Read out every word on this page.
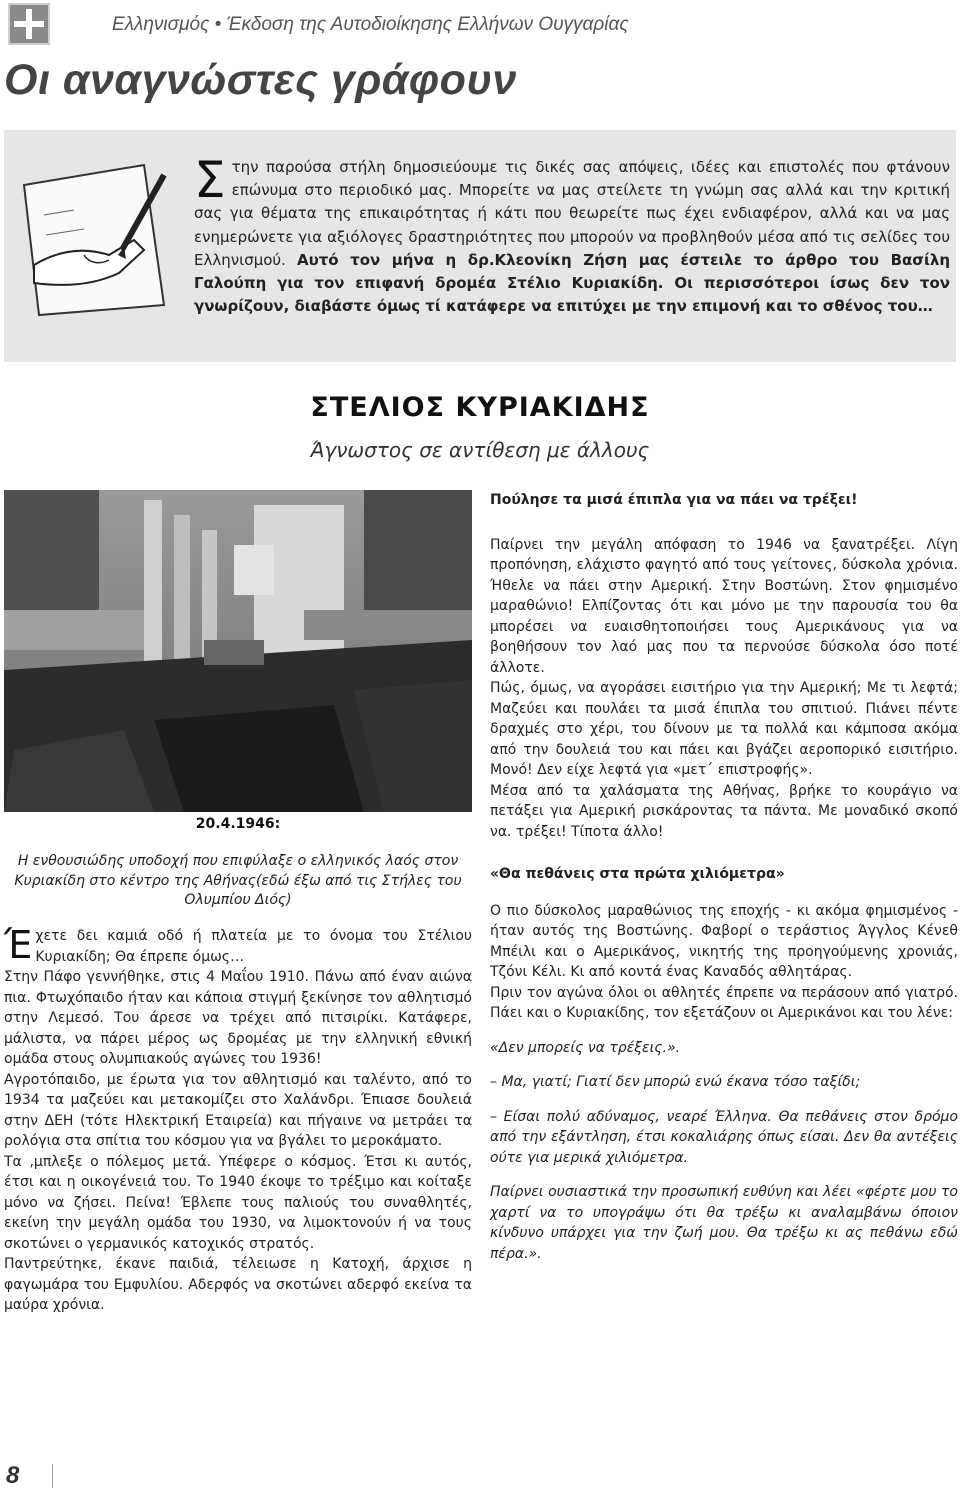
Ελληνισμός • Έκδοση της Αυτοδιοίκησης Ελλήνων Ουγγαρίας
Οι αναγνώστες γράφουν
Στην παρούσα στήλη δημοσιεύουμε τις δικές σας απόψεις, ιδέες και επιστολές που φτάνουν επώνυμα στο περιοδικό μας. Μπορείτε να μας στείλετε τη γνώμη σας αλλά και την κριτική σας για θέματα της επικαιρότητας ή κάτι που θεωρείτε πως έχει ενδιαφέρον, αλλά και να μας ενημερώνετε για αξιόλογες δραστηριότητες που μπορούν να προβληθούν μέσα από τις σελίδες του Ελληνισμού. Αυτό τον μήνα η δρ.Κλεονίκη Ζήση μας έστειλε το άρθρο του Βασίλη Γαλούπη για τον επιφανή δρομέα Στέλιο Κυριακίδη. Οι περισσότεροι ίσως δεν τον γνωρίζουν, διαβάστε όμως τί κατάφερε να επιτύχει με την επιμονή και το σθένος του…
ΣΤΕΛΙΟΣ ΚΥΡΙΑΚΙΔΗΣ
Άγνωστος σε αντίθεση με άλλους
20.4.1946:
Η ενθουσιώδης υποδοχή που επιφύλαξε ο ελληνικός λαός στον Κυριακίδη στο κέντρο της Αθήνας(εδώ έξω από τις Στήλες του Ολυμπίου Διός)

Έχετε δει καμιά οδό ή πλατεία με το όνομα του Στέλιου Κυριακίδη; Θα έπρεπε όμως…

Στην Πάφο γεννήθηκε, στις 4 Μαΐου 1910. Πάνω από έναν αιώνα πια. Φτωχόπαιδο ήταν και κάποια στιγμή ξεκίνησε τον αθλητισμό στην Λεμεσό. Του άρεσε να τρέχει από πιτσιρίκι. Κατάφερε, μάλιστα, να πάρει μέρος ως δρομέας με την ελληνική εθνική ομάδα στους ολυμπιακούς αγώνες του 1936!

Αγροτόπαιδο, με έρωτα για τον αθλητισμό και ταλέντο, από το 1934 τα μαζεύει και μετακομίζει στο Χαλάνδρι. Έπιασε δουλειά στην ΔΕΗ (τότε Ηλεκτρική Εταιρεία) και πήγαινε να μετράει τα ρολόγια στα σπίτια του κόσμου για να βγάλει το μεροκάματο.

Τα ,μπλεξε ο πόλεμος μετά. Υπέφερε ο κόσμος. Έτσι κι αυτός, έτσι και η οικογένειά του. Το 1940 έκοψε το τρέξιμο και κοίταξε μόνο να ζήσει. Πείνα! Έβλεπε τους παλιούς του συναθλητές, εκείνη την μεγάλη ομάδα του 1930, να λιμοκτονούν ή να τους σκοτώνει ο γερμανικός κατοχικός στρατός.

Παντρεύτηκε, έκανε παιδιά, τέλειωσε η Κατοχή, άρχισε η φαγωμάρα του Εμφυλίου. Αδερφός να σκοτώνει αδερφό εκείνα τα μαύρα χρόνια.

Πούλησε τα μισά έπιπλα για να πάει να τρέξει!

Παίρνει την μεγάλη απόφαση το 1946 να ξανατρέξει. Λίγη προπόνηση, ελάχιστο φαγητό από τους γείτονες, δύσκολα χρόνια. Ήθελε να πάει στην Αμερική. Στην Βοστώνη. Στον φημισμένο μαραθώνιο! Ελπίζοντας ότι και μόνο με την παρουσία του θα μπορέσει να ευαισθητοποιήσει τους Αμερικάνους για να βοηθήσουν τον λαό μας που τα περνούσε δύσκολα όσο ποτέ άλλοτε.

Πώς, όμως, να αγοράσει εισιτήριο για την Αμερική; Με τι λεφτά; Μαζεύει και πουλάει τα μισά έπιπλα του σπιτιού. Πιάνει πέντε δραχμές στο χέρι, του δίνουν με τα πολλά και κάμποσα ακόμα από την δουλειά του και πάει και βγάζει αεροπορικό εισιτήριο. Μονό! Δεν είχε λεφτά για «μετ΄ επιστροφής».

Μέσα από τα χαλάσματα της Αθήνας, βρήκε το κουράγιο να πετάξει για Αμερική ρισκάροντας τα πάντα. Με μοναδικό σκοπό να. τρέξει! Τίποτα άλλο!

«Θα πεθάνεις στα πρώτα χιλιόμετρα»

Ο πιο δύσκολος μαραθώνιος της εποχής - κι ακόμα φημισμένος - ήταν αυτός της Βοστώνης. Φαβορί ο τεράστιος Άγγλος Κένεθ Μπέιλι και ο Αμερικάνος, νικητής της προηγούμενης χρονιάς, Τζόνι Κέλι. Κι από κοντά ένας Καναδός αθλητάρας.

Πριν τον αγώνα όλοι οι αθλητές έπρεπε να περάσουν από γιατρό. Πάει και ο Κυριακίδης, τον εξετάζουν οι Αμερικάνοι και του λένε:

«Δεν μπορείς να τρέξεις.».

– Μα, γιατί; Γιατί δεν μπορώ ενώ έκανα τόσο ταξίδι;

– Είσαι πολύ αδύναμος, νεαρέ Έλληνα. Θα πεθάνεις στον δρόμο από την εξάντληση, έτσι κοκαλιάρης όπως είσαι. Δεν θα αντέξεις ούτε για μερικά χιλιόμετρα.

Παίρνει ουσιαστικά την προσωπική ευθύνη και λέει «φέρτε μου το χαρτί να το υπογράψω ότι θα τρέξω κι αναλαμβάνω όποιον κίνδυνο υπάρχει για την ζωή μου. Θα τρέξω κι ας πεθάνω εδώ πέρα.».

8
